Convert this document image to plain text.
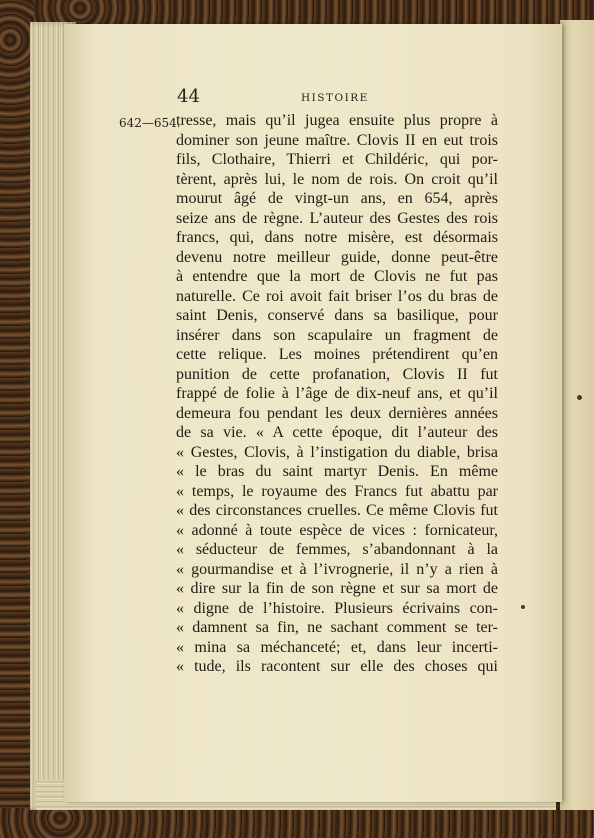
44	HISTOIRE
642—654.
tresse, mais qu’il jugea ensuite plus propre à
dominer son jeune maître. Clovis II en eut trois
fils, Clothaire, Thierri et Childéric, qui por-
tèrent, après lui, le nom de rois. On croit qu’il
mourut âgé de vingt-un ans, en 654, après
seize ans de règne. L’auteur des Gestes des rois
francs, qui, dans notre misère, est désormais
devenu notre meilleur guide, donne peut-être
à entendre que la mort de Clovis ne fut pas
naturelle. Ce roi avoit fait briser l’os du bras de
saint Denis, conservé dans sa basilique, pour
insérer dans son scapulaire un fragment de
cette relique. Les moines prétendirent qu’en
punition de cette profanation, Clovis II fut
frappé de folie à l’âge de dix-neuf ans, et qu’il
demeura fou pendant les deux dernières années
de sa vie. « A cette époque, dit l’auteur des
« Gestes, Clovis, à l’instigation du diable, brisa
« le bras du saint martyr Denis. En même
« temps, le royaume des Francs fut abattu par
« des circonstances cruelles. Ce même Clovis fut
« adonné à toute espèce de vices : fornicateur,
« séducteur de femmes, s’abandonnant à la
« gourmandise et à l’ivrognerie, il n’y a rien à
« dire sur la fin de son règne et sur sa mort de
« digne de l’histoire. Plusieurs écrivains con-
« damnent sa fin, ne sachant comment se ter-
« mina sa méchanceté; et, dans leur incerti-
« tude, ils racontent sur elle des choses qui
